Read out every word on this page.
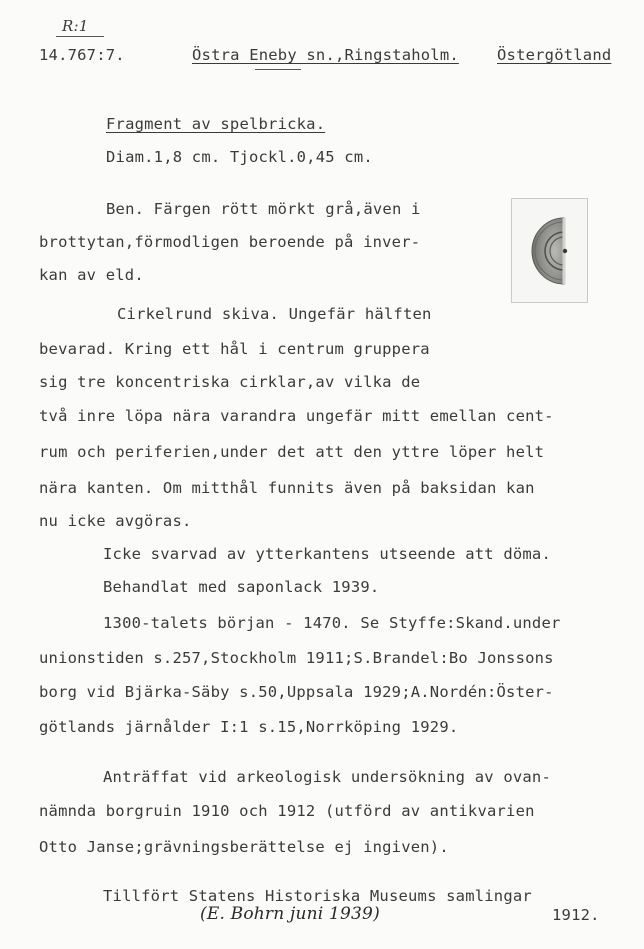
R:1
14.767:7.	Östra Eneby sn.,Ringstaholm. Östergötland
Fragment av spelbricka.
Diam.1,8 cm. Tjockl.0,45 cm.
Ben. Färgen rött mörkt grå,även i
brottytan,förmodligen beroende på inver-
kan av eld.
Cirkelrund skiva. Ungefär hälften
bevarad. Kring ett hål i centrum gruppera
sig tre koncentriska cirklar,av vilka de
två inre löpa nära varandra ungefär mitt emellan cent-
rum och periferien,under det att den yttre löper helt
nära kanten. Om mitthål funnits även på baksidan kan
nu icke avgöras.
Icke svarvad av ytterkantens utseende att döma.
Behandlat med saponlack 1939.
1300-talets början - 1470. Se Styffe:Skand.under
unionstiden s.257,Stockholm 1911;S.Brandel:Bo Jonssons
borg vid Bjärka-Säby s.50,Uppsala 1929;A.Nordén:Öster-
götlands järnålder I:1 s.15,Norrköping 1929.
Anträffat vid arkeologisk undersökning av ovan-
nämnda borgruin 1910 och 1912 (utförd av antikvarien
Otto Janse;grävningsberättelse ej ingiven).
Tillfört Statens Historiska Museums samlingar
(E. Bohrn juni 1939)	1912.
